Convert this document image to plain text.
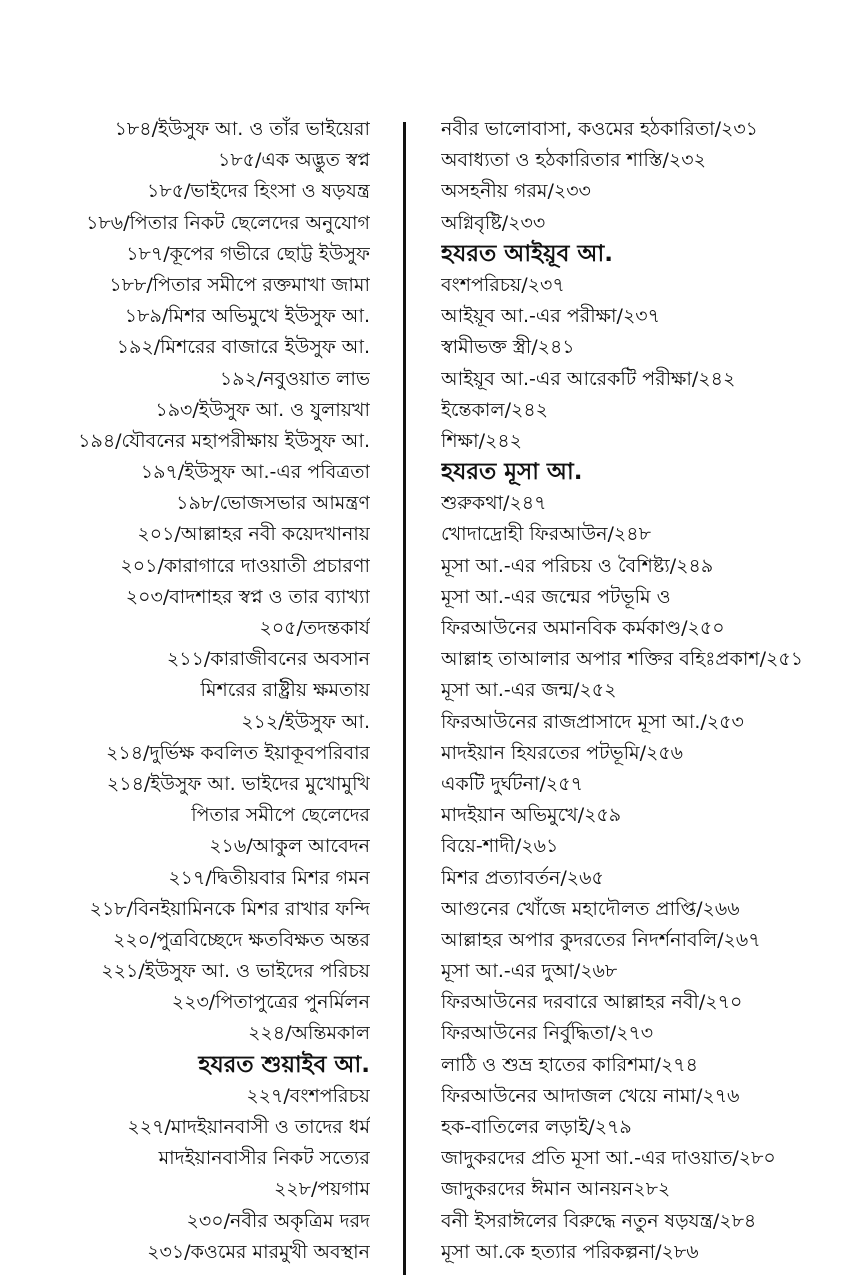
১৮৪/ইউসুফ আ. ও তাঁর ভাইয়েরা
১৮৫/এক অদ্ভুত স্বপ্ন
১৮৫/ভাইদের হিংসা ও ষড়যন্ত্র
১৮৬/পিতার নিকট ছেলেদের অনুযোগ
১৮৭/কূপের গভীরে ছোট্ট ইউসুফ
১৮৮/পিতার সমীপে রক্তমাখা জামা
১৮৯/মিশর অভিমুখে ইউসুফ আ.
১৯২/মিশরের বাজারে ইউসুফ আ.
১৯২/নবুওয়াত লাভ
১৯৩/ইউসুফ আ. ও যুলায়খা
১৯৪/যৌবনের মহাপরীক্ষায় ইউসুফ আ.
১৯৭/ইউসুফ আ.-এর পবিত্রতা
১৯৮/ভোজসভার আমন্ত্রণ
২০১/আল্লাহর নবী কয়েদখানায়
২০১/কারাগারে দাওয়াতী প্রচারণা
২০৩/বাদশাহর স্বপ্ন ও তার ব্যাখ্যা
২০৫/তদন্তকার্য
২১১/কারাজীবনের অবসান
মিশরের রাষ্ট্রীয় ক্ষমতায়
২১২/ইউসুফ আ.
২১৪/দুর্ভিক্ষ কবলিত ইয়াকূবপরিবার
২১৪/ইউসুফ আ. ভাইদের মুখোমুখি
পিতার সমীপে ছেলেদের
২১৬/আকুল আবেদন
২১৭/দ্বিতীয়বার মিশর গমন
২১৮/বিনইয়ামিনকে মিশর রাখার ফন্দি
২২০/পুত্রবিচ্ছেদে ক্ষতবিক্ষত অন্তর
২২১/ইউসুফ আ. ও ভাইদের পরিচয়
২২৩/পিতাপুত্রের পুনর্মিলন
২২৪/অন্তিমকাল
হযরত শুয়াইব আ.
২২৭/বংশপরিচয়
২২৭/মাদইয়ানবাসী ও তাদের ধর্ম
মাদইয়ানবাসীর নিকট সত্যের
২২৮/পয়গাম
২৩০/নবীর অকৃত্রিম দরদ
২৩১/কওমের মারমুখী অবস্থান
নবীর ভালোবাসা, কওমের হঠকারিতা/২৩১
অবাধ্যতা ও হঠকারিতার শাস্তি/২৩২
অসহনীয় গরম/২৩৩
অগ্নিবৃষ্টি/২৩৩
হযরত আইয়ূব আ.
বংশপরিচয়/২৩৭
আইয়ূব আ.-এর পরীক্ষা/২৩৭
স্বামীভক্ত স্ত্রী/২৪১
আইয়ূব আ.-এর আরেকটি পরীক্ষা/২৪২
ইন্তেকাল/২৪২
শিক্ষা/২৪২
হযরত মূসা আ.
শুরুকথা/২৪৭
খোদাদ্রোহী ফিরআউন/২৪৮
মূসা আ.-এর পরিচয় ও বৈশিষ্ট্য/২৪৯
মূসা আ.-এর জন্মের পটভূমি ও
ফিরআউনের অমানবিক কর্মকাণ্ড/২৫০
আল্লাহ তাআলার অপার শক্তির বহিঃপ্রকাশ/২৫১
মূসা আ.-এর জন্ম/২৫২
ফিরআউনের রাজপ্রাসাদে মূসা আ./২৫৩
মাদইয়ান হিযরতের পটভূমি/২৫৬
একটি দুর্ঘটনা/২৫৭
মাদইয়ান অভিমুখে/২৫৯
বিয়ে-শাদী/২৬১
মিশর প্রত্যাবর্তন/২৬৫
আগুনের খোঁজে মহাদৌলত প্রাপ্তি/২৬৬
আল্লাহর অপার কুদরতের নিদর্শনাবলি/২৬৭
মূসা আ.-এর দুআ/২৬৮
ফিরআউনের দরবারে আল্লাহর নবী/২৭০
ফিরআউনের নির্বুদ্ধিতা/২৭৩
লাঠি ও শুভ্র হাতের কারিশমা/২৭৪
ফিরআউনের আদাজল খেয়ে নামা/২৭৬
হক-বাতিলের লড়াই/২৭৯
জাদুকরদের প্রতি মূসা আ.-এর দাওয়াত/২৮০
জাদুকরদের ঈমান আনয়ন২৮২
বনী ইসরাঈলের বিরুদ্ধে নতুন ষড়যন্ত্র/২৮৪
মূসা আ.কে হত্যার পরিকল্পনা/২৮৬
